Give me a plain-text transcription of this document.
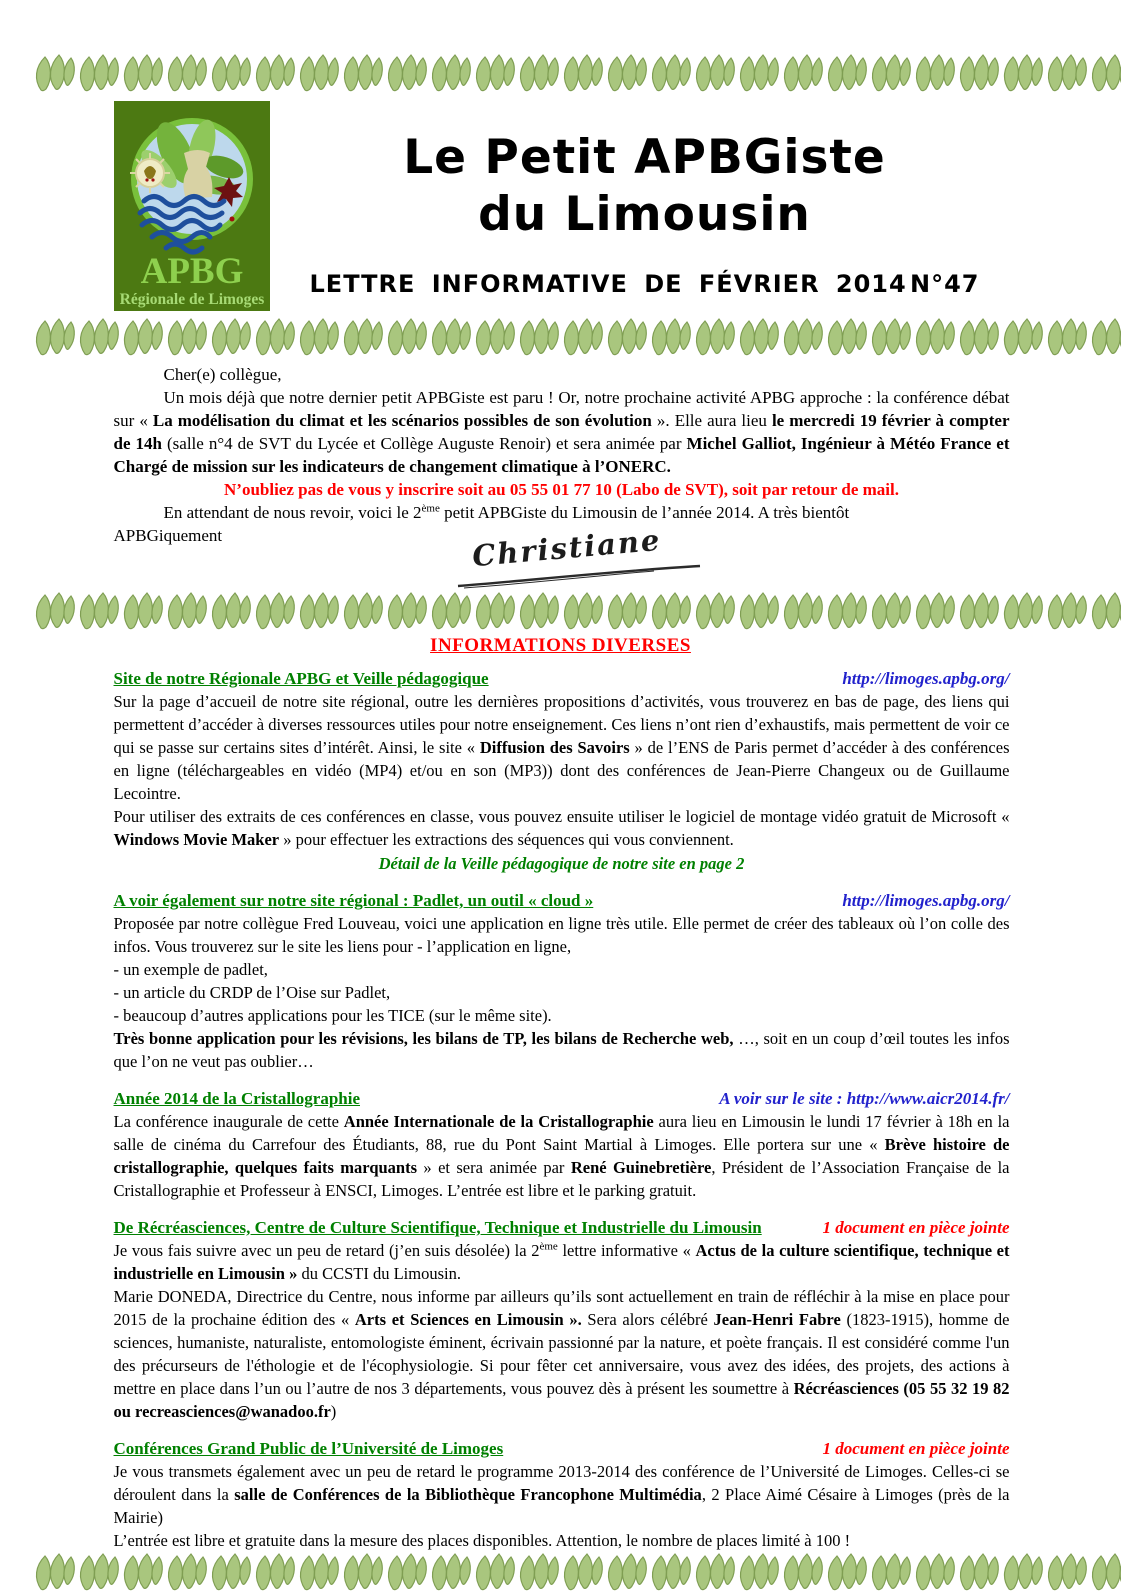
APBG
Régionale de Limoges
Le Petit APBGiste
du Limousin
LETTRE INFORMATIVE DE FÉVRIER 2014 N°47

Cher(e) collègue,

Un mois déjà que notre dernier petit APBGiste est paru ! Or, notre prochaine activité APBG approche : la conférence débat sur « La modélisation du climat et les scénarios possibles de son évolution ». Elle aura lieu le mercredi 19 février à compter de 14h (salle n°4 de SVT du Lycée et Collège Auguste Renoir) et sera animée par Michel Galliot, Ingénieur à Météo France et Chargé de mission sur les indicateurs de changement climatique à l’ONERC.

N’oubliez pas de vous y inscrire soit au 05 55 01 77 10 (Labo de SVT), soit par retour de mail.

En attendant de nous revoir, voici le 2ème petit APBGiste du Limousin de l’année 2014. A très bientôt

APBGiquement	Christiane

INFORMATIONS DIVERSES

Site de notre Régionale APBG et Veille pédagogique	http://limoges.apbg.org/

Sur la page d’accueil de notre site régional, outre les dernières propositions d’activités, vous trouverez en bas de page, des liens qui permettent d’accéder à diverses ressources utiles pour notre enseignement. Ces liens n’ont rien d’exhaustifs, mais permettent de voir ce qui se passe sur certains sites d’intérêt. Ainsi, le site « Diffusion des Savoirs » de l’ENS de Paris permet d’accéder à des conférences en ligne (téléchargeables en vidéo (MP4) et/ou en son (MP3)) dont des conférences de Jean-Pierre Changeux ou de Guillaume Lecointre.

Pour utiliser des extraits de ces conférences en classe, vous pouvez ensuite utiliser le logiciel de montage vidéo gratuit de Microsoft « Windows Movie Maker » pour effectuer les extractions des séquences qui vous conviennent.

Détail de la Veille pédagogique de notre site en page 2

A voir également sur notre site régional : Padlet, un outil « cloud »	http://limoges.apbg.org/

Proposée par notre collègue Fred Louveau, voici une application en ligne très utile. Elle permet de créer des tableaux où l’on colle des infos. Vous trouverez sur le site les liens pour - l’application en ligne,

- un exemple de padlet,

- un article du CRDP de l’Oise sur Padlet,

- beaucoup d’autres applications pour les TICE (sur le même site).

Très bonne application pour les révisions, les bilans de TP, les bilans de Recherche web, …, soit en un coup d’œil toutes les infos que l’on ne veut pas oublier…

Année 2014 de la Cristallographie	A voir sur le site : http://www.aicr2014.fr/

La conférence inaugurale de cette Année Internationale de la Cristallographie aura lieu en Limousin le lundi 17 février à 18h en la salle de cinéma du Carrefour des Étudiants, 88, rue du Pont Saint Martial à Limoges. Elle portera sur une « Brève histoire de cristallographie, quelques faits marquants » et sera animée par René Guinebretière, Président de l’Association Française de la Cristallographie et Professeur à ENSCI, Limoges. L’entrée est libre et le parking gratuit.

De Récréasciences, Centre de Culture Scientifique, Technique et Industrielle du Limousin	1 document en pièce jointe

Je vous fais suivre avec un peu de retard (j’en suis désolée) la 2ème lettre informative « Actus de la culture scientifique, technique et industrielle en Limousin » du CCSTI du Limousin.

Marie DONEDA, Directrice du Centre, nous informe par ailleurs qu’ils sont actuellement en train de réfléchir à la mise en place pour 2015 de la prochaine édition des « Arts et Sciences en Limousin ». Sera alors célébré Jean-Henri Fabre (1823-1915), homme de sciences, humaniste, naturaliste, entomologiste éminent, écrivain passionné par la nature, et poète français. Il est considéré comme l'un des précurseurs de l'éthologie et de l'écophysiologie. Si pour fêter cet anniversaire, vous avez des idées, des projets, des actions à mettre en place dans l’un ou l’autre de nos 3 départements, vous pouvez dès à présent les soumettre à Récréasciences (05 55 32 19 82 ou recreasciences@wanadoo.fr)

Conférences Grand Public de l’Université de Limoges	1 document en pièce jointe

Je vous transmets également avec un peu de retard le programme 2013-2014 des conférence de l’Université de Limoges. Celles-ci se déroulent dans la salle de Conférences de la Bibliothèque Francophone Multimédia, 2 Place Aimé Césaire à Limoges (près de la Mairie)

L’entrée est libre et gratuite dans la mesure des places disponibles. Attention, le nombre de places limité à 100 !
